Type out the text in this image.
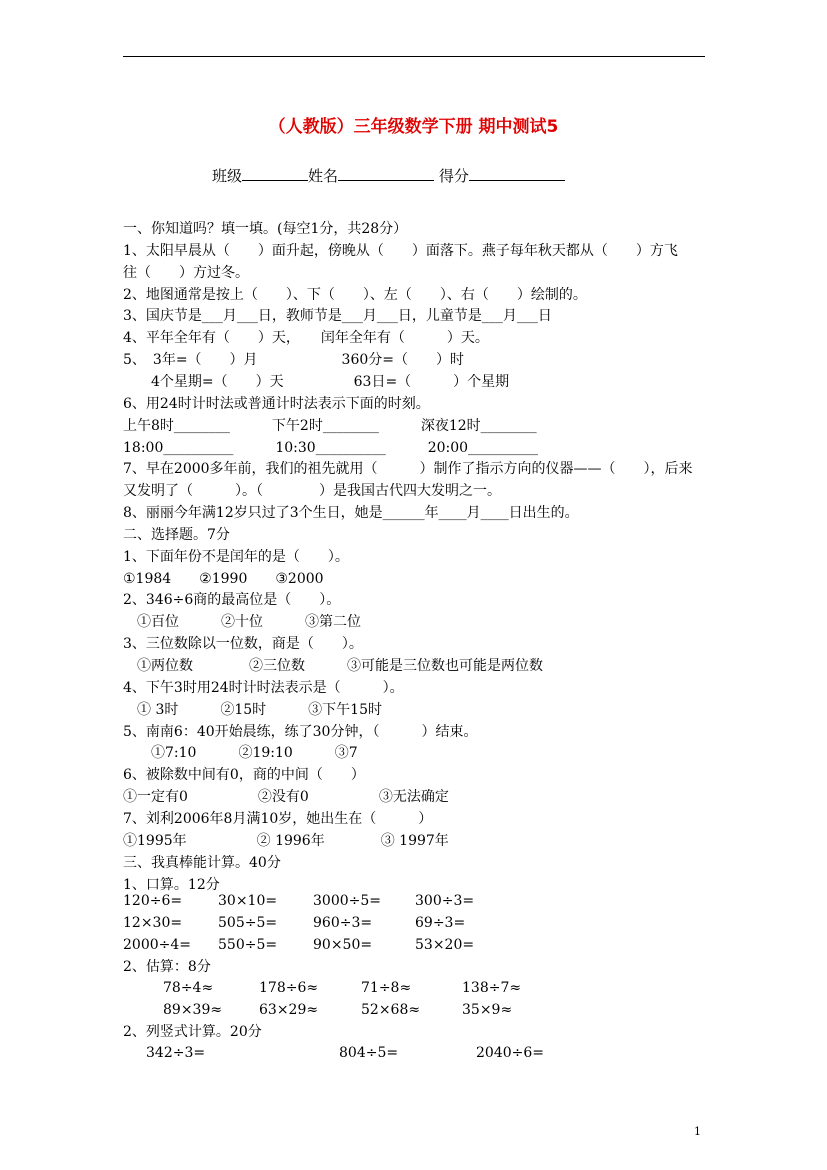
（人教版）三年级数学下册 期中测试5
班级	姓名	得分
一、你知道吗？填一填。(每空1分，共28分）
1、太阳早晨从（　　）面升起，傍晚从（　　）面落下。燕子每年秋天都从（　　）方飞
往（　　）方过冬。
2、地图通常是按上（　　）、下（　　）、左（　　）、右（　　）绘制的。
3、国庆节是___月___日，教师节是___月___日，儿童节是___月___日
4、平年全年有（　　）天，　　闰年全年有（　　　）天。
5、　3年=（　　）月　　　　　　360分=（　　）时
　　4个星期=（　　）天　　　　　63日=（　　　）个星期
6、用24时计时法或普通计时法表示下面的时刻。
上午8时________　　　下午2时________　　　深夜12时________
18:00__________　　　10:30__________　　　20:00__________
7、早在2000多年前，我们的祖先就用（　　　）制作了指示方向的仪器——（　　），后来
又发明了（　　　）。（　　　　）是我国古代四大发明之一。
8、丽丽今年满12岁只过了3个生日，她是______年____月____日出生的。
二、选择题。7分
1、下面年份不是闰年的是（　　）。
①1984　　②1990　　③2000
2、346÷6商的最高位是（　　）。
　①百位　　　②十位　　　③第二位
3、三位数除以一位数，商是（　　）。
　①两位数　　　　②三位数　　　③可能是三位数也可能是两位数
4、下午3时用24时计时法表示是（　　　）。
　① 3时　　　②15时　　　③下午15时
5、南南6：40开始晨练，练了30分钟，（　　　）结束。
　　①7:10　　　②19:10　　　③7
6、被除数中间有0，商的中间（　　）
①一定有0　　　　　②没有0　　　　　③无法确定
7、刘利2006年8月满10岁，她出生在（　　　）
①1995年　　　　　② 1996年　　　　③ 1997年
三、我真棒能计算。40分
1、口算。12分
120÷6=	30×10=	3000÷5= 300÷3=
12×30=	505÷5=	960÷3=	69÷3=
2000÷4= 550÷5=	90×50=	53×20=
2、估算：8分
78÷4≈	178÷6≈	71÷8≈	138÷7≈
89×39≈	63×29≈	52×68≈	35×9≈
2、列竖式计算。20分
342÷3=	804÷5=	2040÷6=
1
